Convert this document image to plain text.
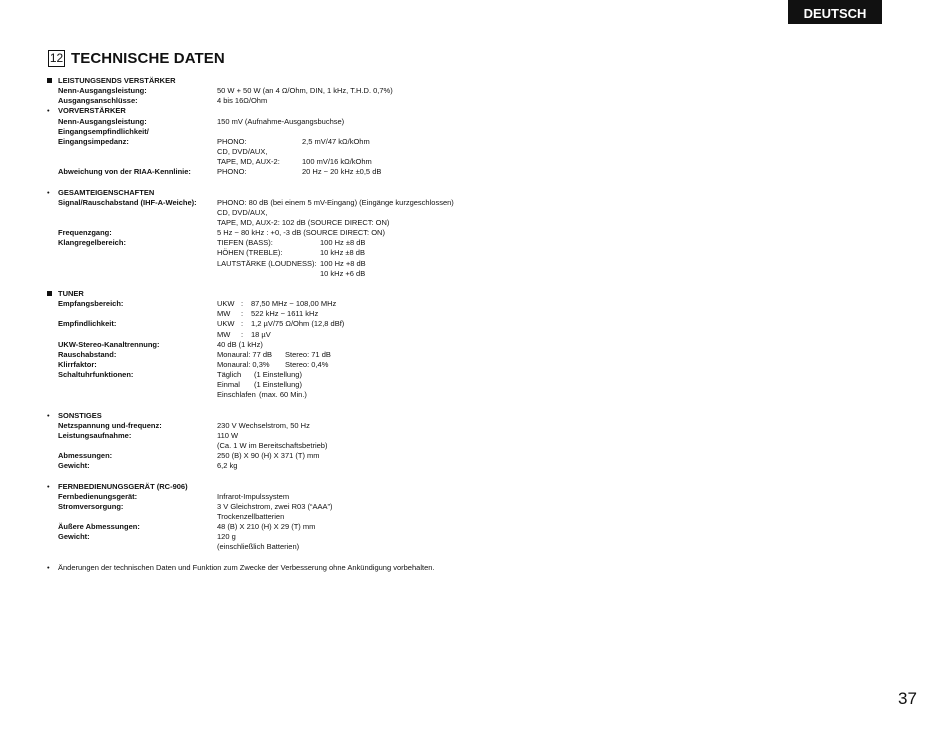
DEUTSCH
12 TECHNISCHE DATEN
LEISTUNGSENDS VERSTÄRKER
Nenn-Ausgangsleistung:	50 W + 50 W (an 4 Ω/Ohm, DIN, 1 kHz, T.H.D. 0,7%)
Ausgangsanschlüsse:	4 bis 16Ω/Ohm
• VORVERSTÄRKER
Nenn-Ausgangsleistung:	150 mV (Aufnahme-Ausgangsbuchse)
Eingangsempfindlichkeit/
Eingangsimpedanz:	PHONO:	2,5 mV/47 kΩ/kOhm
CD, DVD/AUX,
TAPE, MD, AUX-2:	100 mV/16 kΩ/kOhm
Abweichung von der RIAA-Kennlinie:	PHONO:	20 Hz ~ 20 kHz ±0,5 dB
• GESAMTEIGENSCHAFTEN
Signal/Rauschabstand (IHF-A-Weiche):	PHONO: 80 dB (bei einem 5 mV-Eingang) (Eingänge kurzgeschlossen)
CD, DVD/AUX,
TAPE, MD, AUX-2: 102 dB (SOURCE DIRECT: ON)
Frequenzgang:	5 Hz ~ 80 kHz : +0, -3 dB (SOURCE DIRECT: ON)
Klangregelbereich:	TIEFEN (BASS):	100 Hz ±8 dB
HÖHEN (TREBLE):	10 kHz ±8 dB
LAUTSTÄRKE (LOUDNESS): 100 Hz +8 dB
10 kHz +6 dB
TUNER
Empfangsbereich:	UKW : 87,50 MHz ~ 108,00 MHz
MW : 522 kHz ~ 1611 kHz
Empfindlichkeit:	UKW : 1,2 µV/75 Ω/Ohm (12,8 dBf)
MW : 18 µV
UKW-Stereo-Kanaltrennung:	40 dB (1 kHz)
Rauschabstand:	Monaural: 77 dB Stereo: 71 dB
Klirrfaktor:	Monaural: 0,3% Stereo: 0,4%
Schaltuhrfunktionen:	Täglich (1 Einstellung)
Einmal (1 Einstellung)
Einschlafen (max. 60 Min.)
• SONSTIGES
Netzspannung und-frequenz:	230 V Wechselstrom, 50 Hz
Leistungsaufnahme:	110 W
(Ca. 1 W im Bereitschaftsbetrieb)
Abmessungen:	250 (B) X 90 (H) X 371 (T) mm
Gewicht:	6,2 kg
• FERNBEDIENUNGSGERÄT (RC-906)
Fernbedienungsgerät:	Infrarot-Impulssystem
Stromversorgung:	3 V Gleichstrom, zwei R03 (“AAA”)
Trockenzellbatterien
Äußere Abmessungen:	48 (B) X 210 (H) X 29 (T) mm
Gewicht:	120 g
(einschließlich Batterien)
• Änderungen der technischen Daten und Funktion zum Zwecke der Verbesserung ohne Ankündigung vorbehalten.
37
